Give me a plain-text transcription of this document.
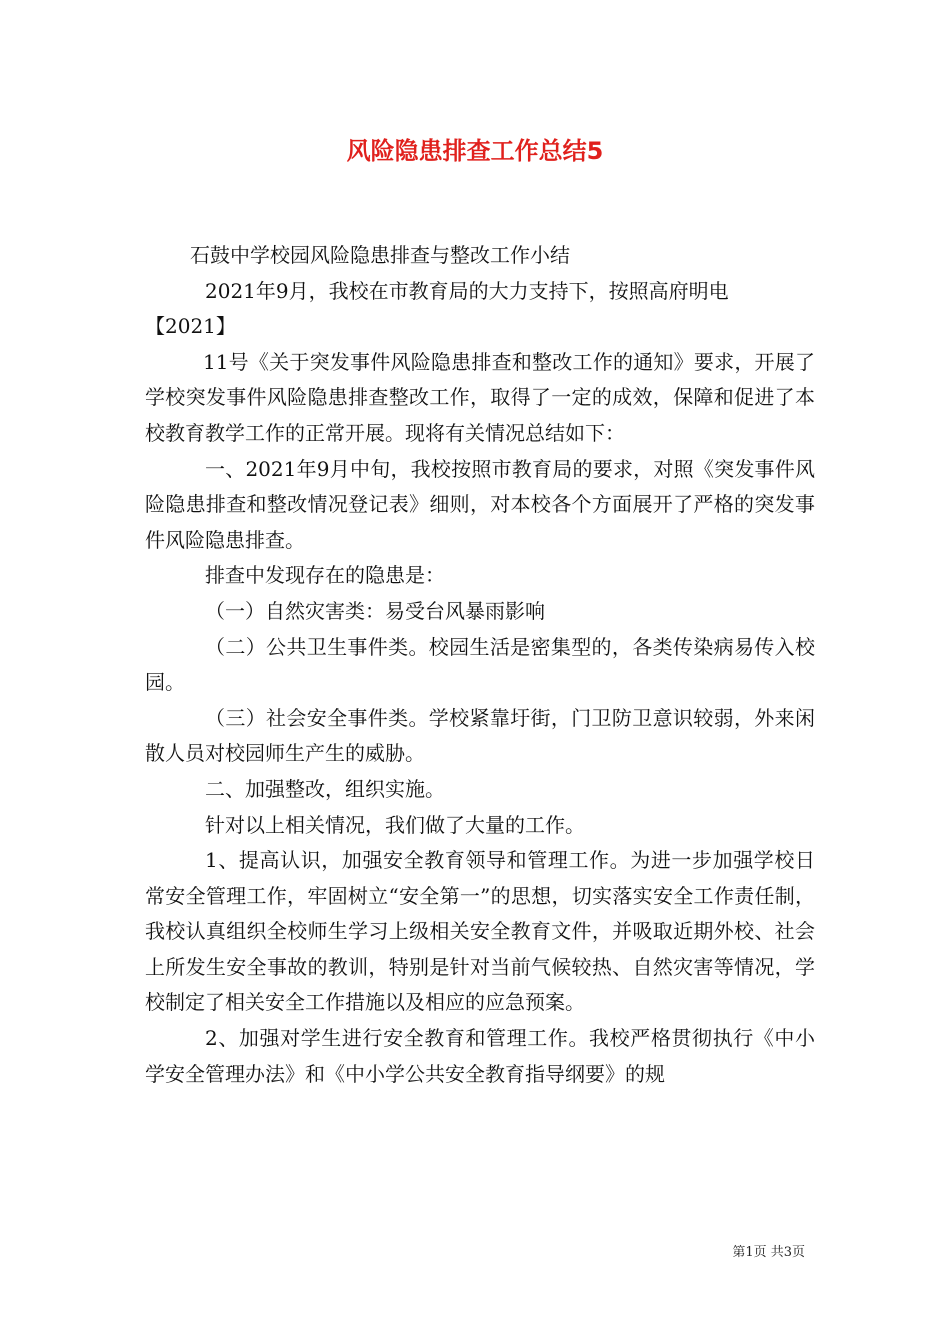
风险隐患排查工作总结5

石鼓中学校园风险隐患排查与整改工作小结

2021年9月，我校在市教育局的大力支持下，按照高府明电

【2021】

11号《关于突发事件风险隐患排查和整改工作的通知》要求，开展了学校突发事件风险隐患排查整改工作，取得了一定的成效，保障和促进了本校教育教学工作的正常开展。现将有关情况总结如下：

一、2021年9月中旬，我校按照市教育局的要求，对照《突发事件风险隐患排查和整改情况登记表》细则，对本校各个方面展开了严格的突发事件风险隐患排查。

排查中发现存在的隐患是：

（一）自然灾害类：易受台风暴雨影响

（二）公共卫生事件类。校园生活是密集型的，各类传染病易传入校园。

（三）社会安全事件类。学校紧靠圩街，门卫防卫意识较弱，外来闲散人员对校园师生产生的威胁。

二、加强整改，组织实施。

针对以上相关情况，我们做了大量的工作。

1、提高认识，加强安全教育领导和管理工作。为进一步加强学校日常安全管理工作，牢固树立“安全第一”的思想，切实落实安全工作责任制，我校认真组织全校师生学习上级相关安全教育文件，并吸取近期外校、社会上所发生安全事故的教训，特别是针对当前气候较热、自然灾害等情况，学校制定了相关安全工作措施以及相应的应急预案。

2、加强对学生进行安全教育和管理工作。我校严格贯彻执行《中小学安全管理办法》和《中小学公共安全教育指导纲要》的规

第1页 共3页
